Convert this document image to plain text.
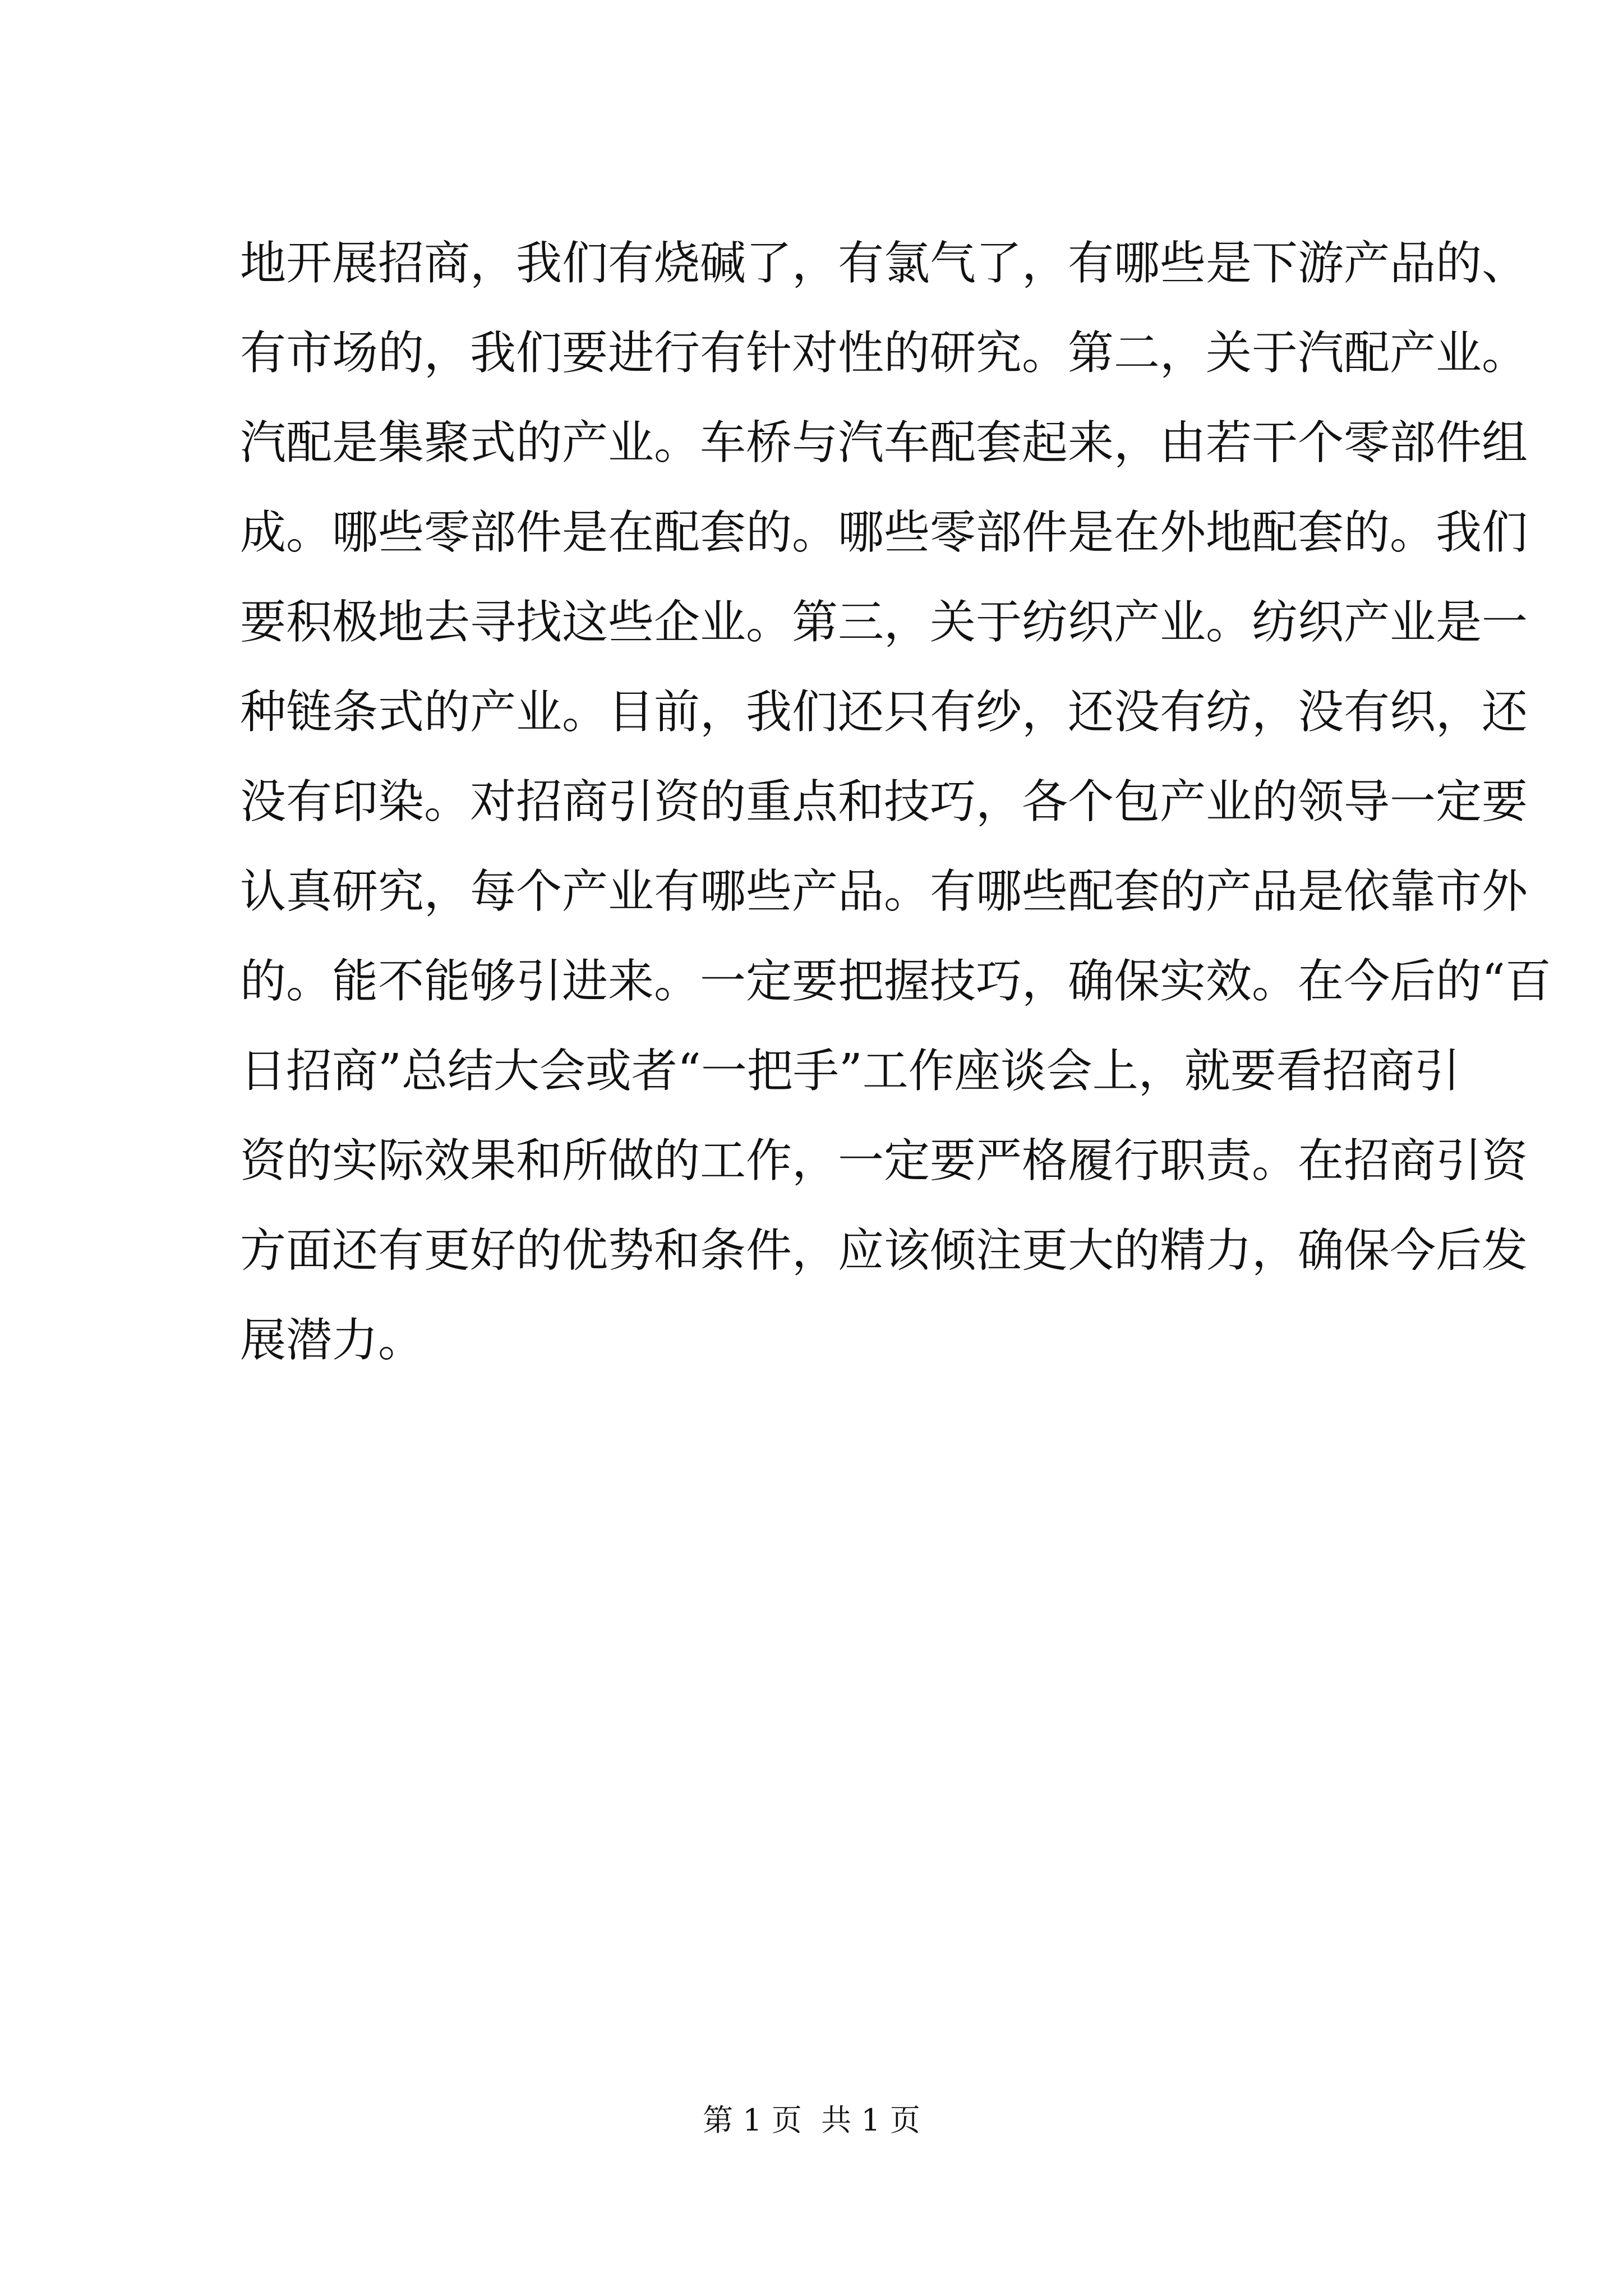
地开展招商，我们有烧碱了，有氯气了，有哪些是下游产品的、
有市场的，我们要进行有针对性的研究。第二，关于汽配产业。
汽配是集聚式的产业。车桥与汽车配套起来，由若干个零部件组
成。哪些零部件是在配套的。哪些零部件是在外地配套的。我们
要积极地去寻找这些企业。第三，关于纺织产业。纺织产业是一
种链条式的产业。目前，我们还只有纱，还没有纺，没有织，还
没有印染。对招商引资的重点和技巧，各个包产业的领导一定要
认真研究，每个产业有哪些产品。有哪些配套的产品是依靠市外
的。能不能够引进来。一定要把握技巧，确保实效。在今后的“百
日招商”总结大会或者“一把手”工作座谈会上，就要看招商引
资的实际效果和所做的工作，一定要严格履行职责。在招商引资
方面还有更好的优势和条件，应该倾注更大的精力，确保今后发
展潜力。
第 1 页  共 1 页
